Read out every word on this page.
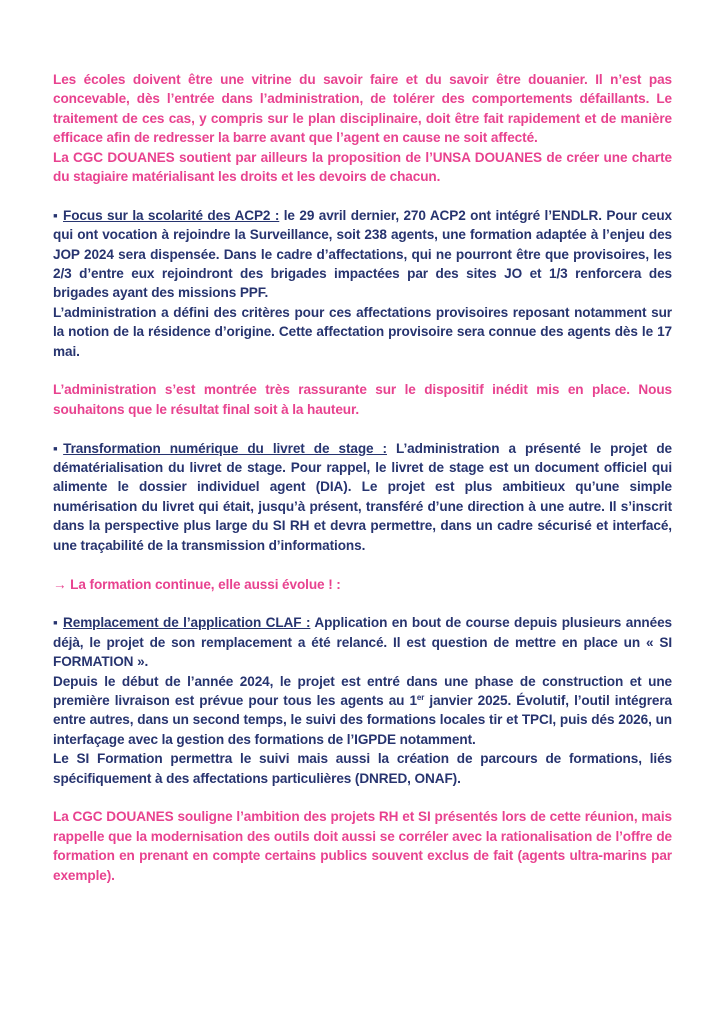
Les écoles doivent être une vitrine du savoir faire et du savoir être douanier. Il n’est pas concevable, dès l’entrée dans l’administration, de tolérer des comportements défaillants. Le traitement de ces cas, y compris sur le plan disciplinaire, doit être fait rapidement et de manière efficace afin de redresser la barre avant que l’agent en cause ne soit affecté.

La CGC DOUANES soutient par ailleurs la proposition de l’UNSA DOUANES de créer une charte du stagiaire matérialisant les droits et les devoirs de chacun.

▪ Focus sur la scolarité des ACP2 : le 29 avril dernier, 270 ACP2 ont intégré l’ENDLR. Pour ceux qui ont vocation à rejoindre la Surveillance, soit 238 agents, une formation adaptée à l’enjeu des JOP 2024 sera dispensée. Dans le cadre d’affectations, qui ne pourront être que provisoires, les 2/3 d’entre eux rejoindront des brigades impactées par des sites JO et 1/3 renforcera des brigades ayant des missions PPF.

L’administration a défini des critères pour ces affectations provisoires reposant notamment sur la notion de la résidence d’origine. Cette affectation provisoire sera connue des agents dès le 17 mai.

L’administration s’est montrée très rassurante sur le dispositif inédit mis en place. Nous souhaitons que le résultat final soit à la hauteur.

▪Transformation numérique du livret de stage : L’administration a présenté le projet de dématérialisation du livret de stage. Pour rappel, le livret de stage est un document officiel qui alimente le dossier individuel agent (DIA). Le projet est plus ambitieux qu’une simple numérisation du livret qui était, jusqu’à présent, transféré d’une direction à une autre. Il s’inscrit dans la perspective plus large du SI RH et devra permettre, dans un cadre sécurisé et interfacé, une traçabilité de la transmission d’informations.

→ La formation continue, elle aussi évolue ! :

▪ Remplacement de l’application CLAF : Application en bout de course depuis plusieurs années déjà, le projet de son remplacement a été relancé. Il est question de mettre en place un « SI FORMATION ».

Depuis le début de l’année 2024, le projet est entré dans une phase de construction et une première livraison est prévue pour tous les agents au 1er janvier 2025. Évolutif, l’outil intégrera entre autres, dans un second temps, le suivi des formations locales tir et TPCI, puis dés 2026, un interfaçage avec la gestion des formations de l’IGPDE notamment.

Le SI Formation permettra le suivi mais aussi la création de parcours de formations, liés spécifiquement à des affectations particulières (DNRED, ONAF).

La CGC DOUANES souligne l’ambition des projets RH et SI présentés lors de cette réunion, mais rappelle que la modernisation des outils doit aussi se corréler avec la rationalisation de l’offre de formation en prenant en compte certains publics souvent exclus de fait (agents ultra-marins par exemple).
